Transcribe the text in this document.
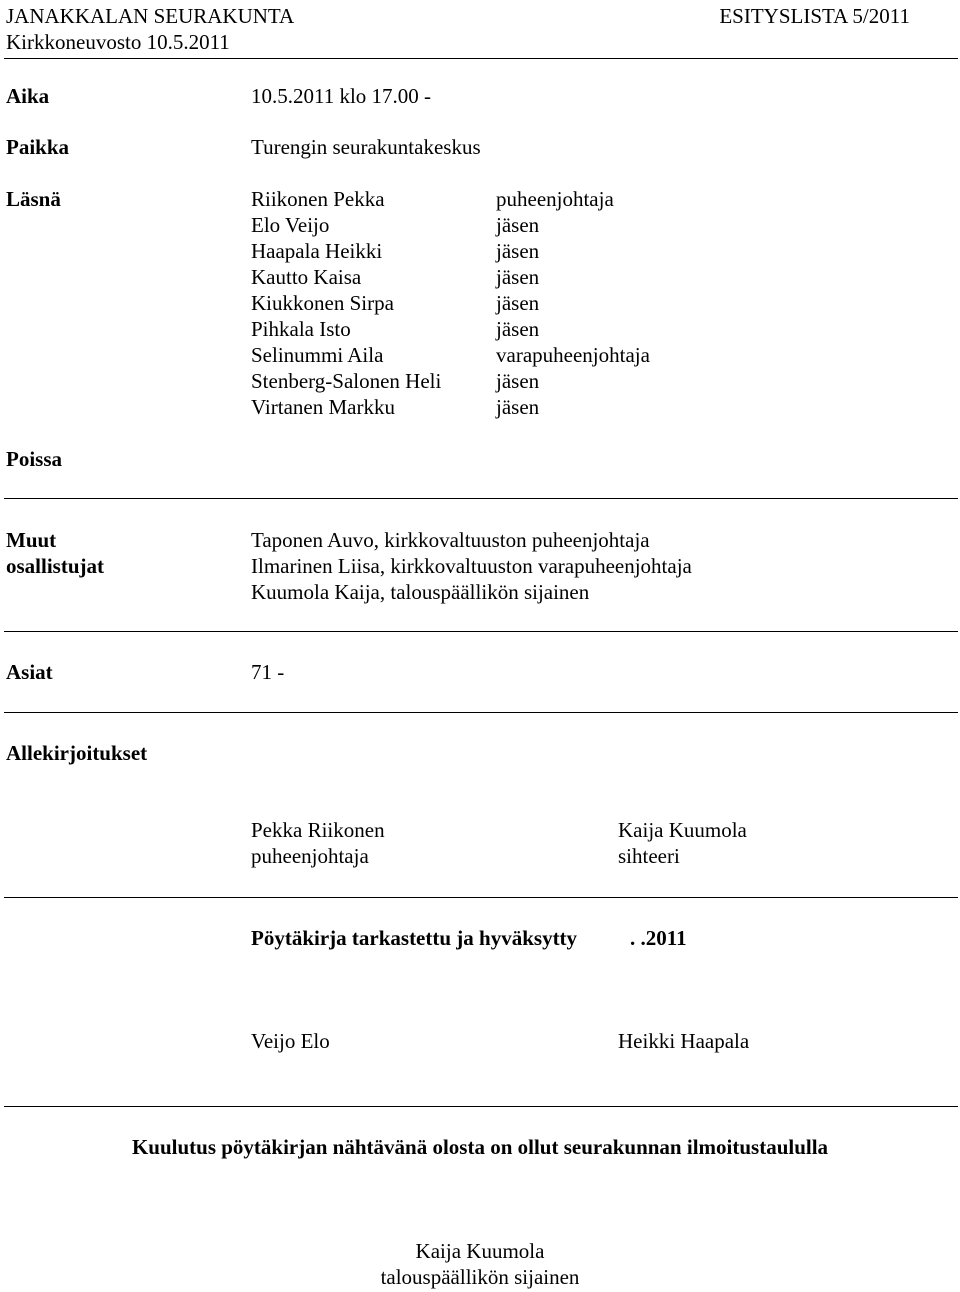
JANAKKALAN SEURAKUNTA	ESITYSLISTA 5/2011
Kirkkoneuvosto 10.5.2011
Aika	10.5.2011 klo 17.00 -
Paikka	Turengin seurakuntakeskus
Läsnä	Riikonen Pekka	puheenjohtaja
Elo Veijo	jäsen
Haapala Heikki	jäsen
Kautto Kaisa	jäsen
Kiukkonen Sirpa	jäsen
Pihkala Isto	jäsen
Selinummi Aila	varapuheenjohtaja
Stenberg-Salonen Heli	jäsen
Virtanen Markku	jäsen
Poissa
Muut
osallistujat
Taponen Auvo, kirkkovaltuuston puheenjohtaja
Ilmarinen Liisa, kirkkovaltuuston varapuheenjohtaja
Kuumola Kaija, talouspäällikön sijainen
Asiat	71 -
Allekirjoitukset
Pekka Riikonen
puheenjohtaja
Kaija Kuumola
sihteeri
Pöytäkirja tarkastettu ja hyväksytty	. .2011
Veijo Elo	Heikki Haapala
Kuulutus pöytäkirjan nähtävänä olosta on ollut seurakunnan ilmoitustaululla
Kaija Kuumola
talouspäällikön sijainen
